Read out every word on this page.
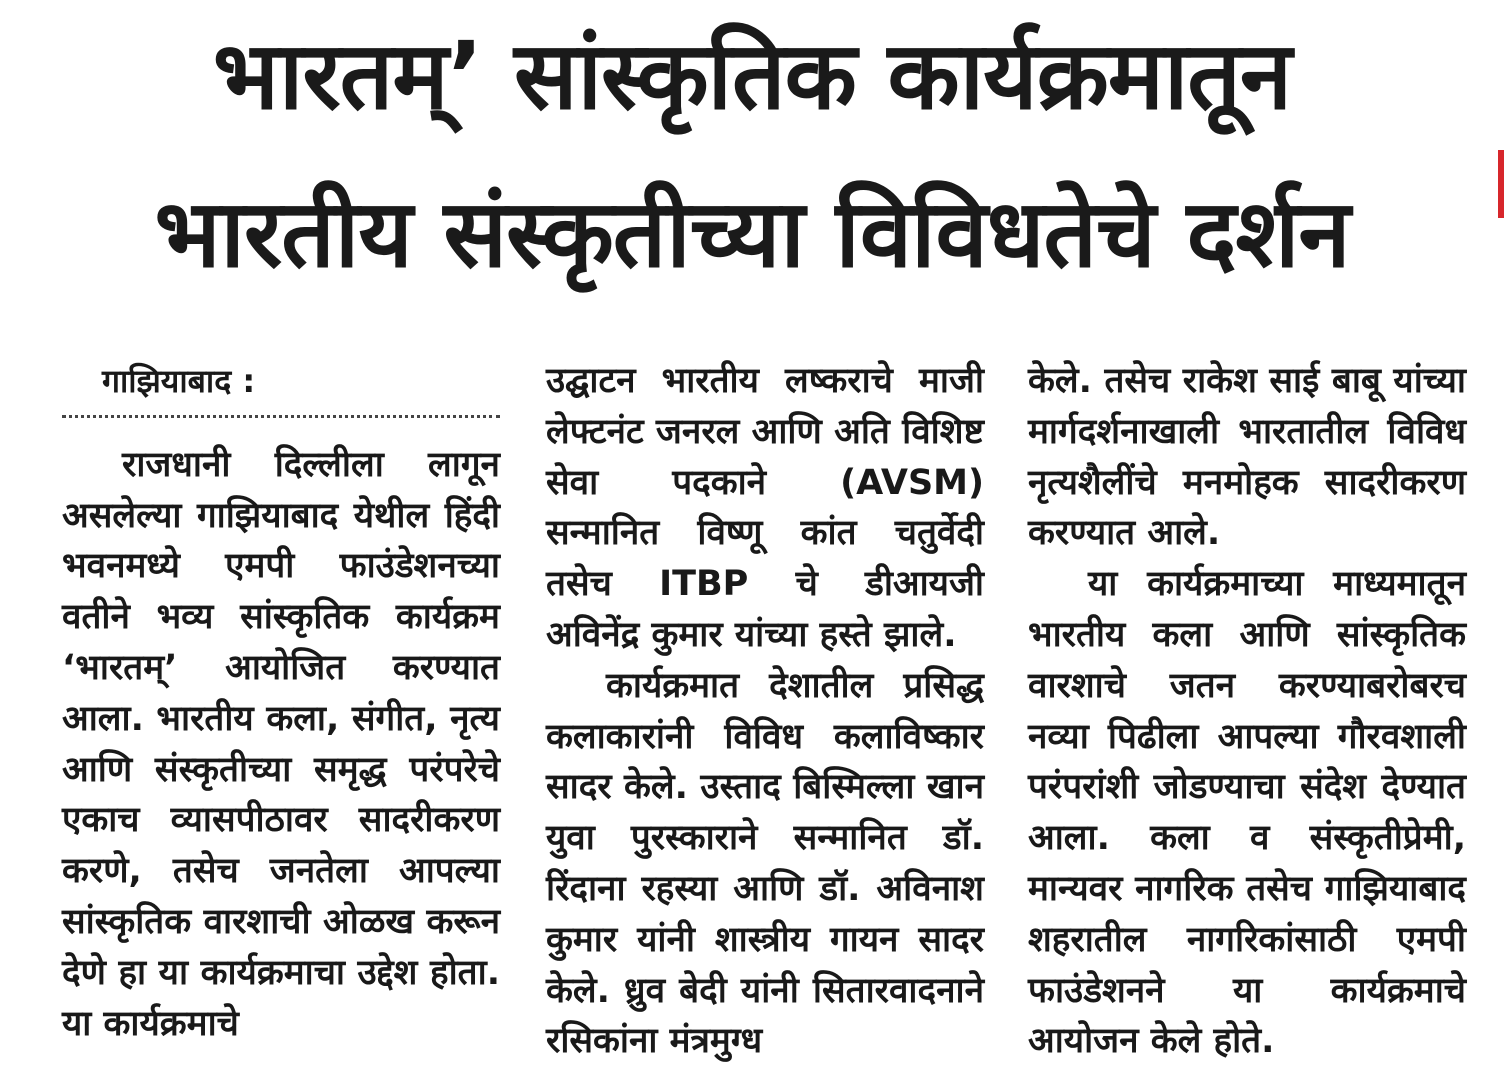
भारतम्’ सांस्कृतिक कार्यक्रमातून
भारतीय संस्कृतीच्या विविधतेचे दर्शन
गाझियाबाद :

राजधानी दिल्लीला लागून असलेल्या गाझियाबाद येथील हिंदी भवनमध्ये एमपी फाउंडेशनच्या वतीने भव्य सांस्कृतिक कार्यक्रम ‘भारतम्’ आयोजित करण्यात आला. भारतीय कला, संगीत, नृत्य आणि संस्कृतीच्या समृद्ध परंपरेचे एकाच व्यासपीठावर सादरीकरण करणे, तसेच जनतेला आपल्या सांस्कृतिक वारशाची ओळख करून देणे हा या कार्यक्रमाचा उद्देश होता. या कार्यक्रमाचे

उद्घाटन भारतीय लष्कराचे माजी लेफ्टनंट जनरल आणि अति विशिष्ट सेवा पदकाने (AVSM) सन्मानित विष्णू कांत चतुर्वेदी तसेच ITBP चे डीआयजी अविनेंद्र कुमार यांच्या हस्ते झाले.

कार्यक्रमात देशातील प्रसिद्ध कलाकारांनी विविध कलाविष्कार सादर केले. उस्ताद बिस्मिल्ला खान युवा पुरस्काराने सन्मानित डॉ. रिंदाना रहस्या आणि डॉ. अविनाश कुमार यांनी शास्त्रीय गायन सादर केले. ध्रुव बेदी यांनी सितारवादनाने रसिकांना मंत्रमुग्ध

केले. तसेच राकेश साई बाबू यांच्या मार्गदर्शनाखाली भारतातील विविध नृत्यशैलींचे मनमोहक सादरीकरण करण्यात आले.

या कार्यक्रमाच्या माध्यमातून भारतीय कला आणि सांस्कृतिक वारशाचे जतन करण्याबरोबरच नव्या पिढीला आपल्या गौरवशाली परंपरांशी जोडण्याचा संदेश देण्यात आला. कला व संस्कृतीप्रेमी, मान्यवर नागरिक तसेच गाझियाबाद शहरातील नागरिकांसाठी एमपी फाउंडेशनने या कार्यक्रमाचे आयोजन केले होते.
